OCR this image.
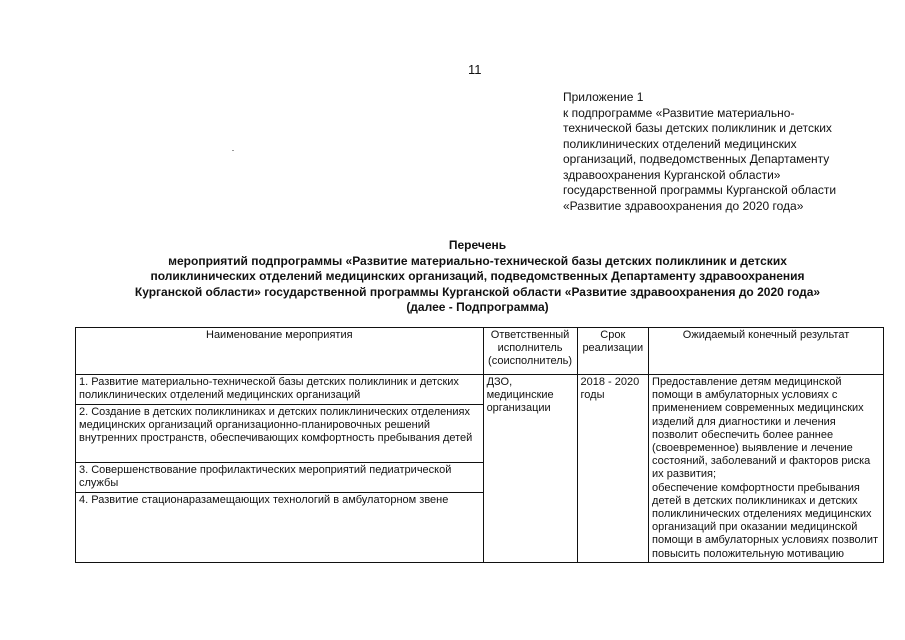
11
Приложение 1
к подпрограмме «Развитие материально-
технической базы детских поликлиник и детских
поликлинических отделений медицинских
организаций, подведомственных Департаменту
здравоохранения Курганской области»
государственной программы Курганской области
«Развитие здравоохранения до 2020 года»
Перечень
мероприятий подпрограммы «Развитие материально-технической базы детских поликлиник и детских
поликлинических отделений медицинских организаций, подведомственных Департаменту здравоохранения
Курганской области» государственной программы Курганской области «Развитие здравоохранения до 2020 года»
(далее - Подпрограмма)
Наименование мероприятия	Ответственный исполнитель (соисполнитель)	Срок реализации	Ожидаемый конечный результат
1. Развитие материально-технической базы детских поликлиник и детских поликлинических отделений медицинских организаций	ДЗО, медицинские организации	2018 - 2020 годы	Предоставление детям медицинской помощи в амбулаторных условиях с применением современных медицинских изделий для диагностики и лечения позволит обеспечить более раннее (своевременное) выявление и лечение состояний, заболеваний и факторов риска их развития;
обеспечение комфортности пребывания детей в детских поликлиниках и детских поликлинических отделениях медицинских организаций при оказании медицинской помощи в амбулаторных условиях позволит повысить положительную мотивацию
2. Создание в детских поликлиниках и детских поликлинических отделениях медицинских организаций организационно-планировочных решений внутренних пространств, обеспечивающих комфортность пребывания детей			
3. Совершенствование профилактических мероприятий педиатрической службы			
4. Развитие стационаразамещающих технологий в амбулаторном звене			
